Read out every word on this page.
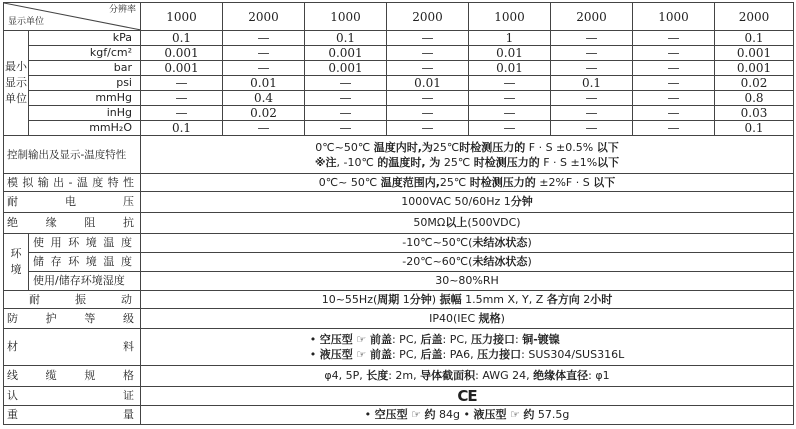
分辨率
显示单位		1000	2000	1000	2000	1000	2000	1000	2000
最小
显示
单位	kPa	0.1	—	0.1	—	1	—	—	0.1
	kgf/cm²	0.001	—	0.001	—	0.01	—	—	0.001
	bar	0.001	—	0.001	—	0.01	—	—	0.001
	psi	—	0.01	—	0.01	—	0.1	—	0.02
	mmHg	—	0.4	—	—	—	—	—	0.8
	inHg	—	0.02	—	—	—	—	—	0.03
	mmH₂O	0.1	—	—	—	—	—	—	0.1
控制输出及显示-温度特性		0℃~50℃ 温度内时,为25℃时检测压力的 F · S ±0.5% 以下
※注, -10℃ 的温度时, 为 25℃ 时检测压力的 F · S ±1%以下							
模拟输出-温度特性		0℃~ 50℃ 温度范围内,25℃ 时检测压力的 ±2%F · S 以下							
耐电压		1000VAC 50/60Hz 1分钟							
绝缘阻抗		50MΩ以上(500VDC)							
环
境	使用环境温度	-10℃~50℃(未结冰状态)							
	储存环境温度	-20℃~60℃(未结冰状态)							
	使用/储存环境湿度	30~80%RH							

耐振动		10~55Hz(周期 1分钟) 振幅 1.5mm X, Y, Z 各方向 2小时							
防护等级		IP40(IEC 规格)							
材料		• 空压型 ☞ 前盖: PC, 后盖: PC, 压力接口: 铜-镀镍
• 液压型 ☞ 前盖: PC, 后盖: PA6, 压力接口: SUS304/SUS316L							
线缆规格		φ4, 5P, 长度: 2m, 导体截面积: AWG 24, 绝缘体直径: φ1							
认证		CE							
重量		• 空压型 ☞ 约 84g • 液压型 ☞ 约 57.5g							
